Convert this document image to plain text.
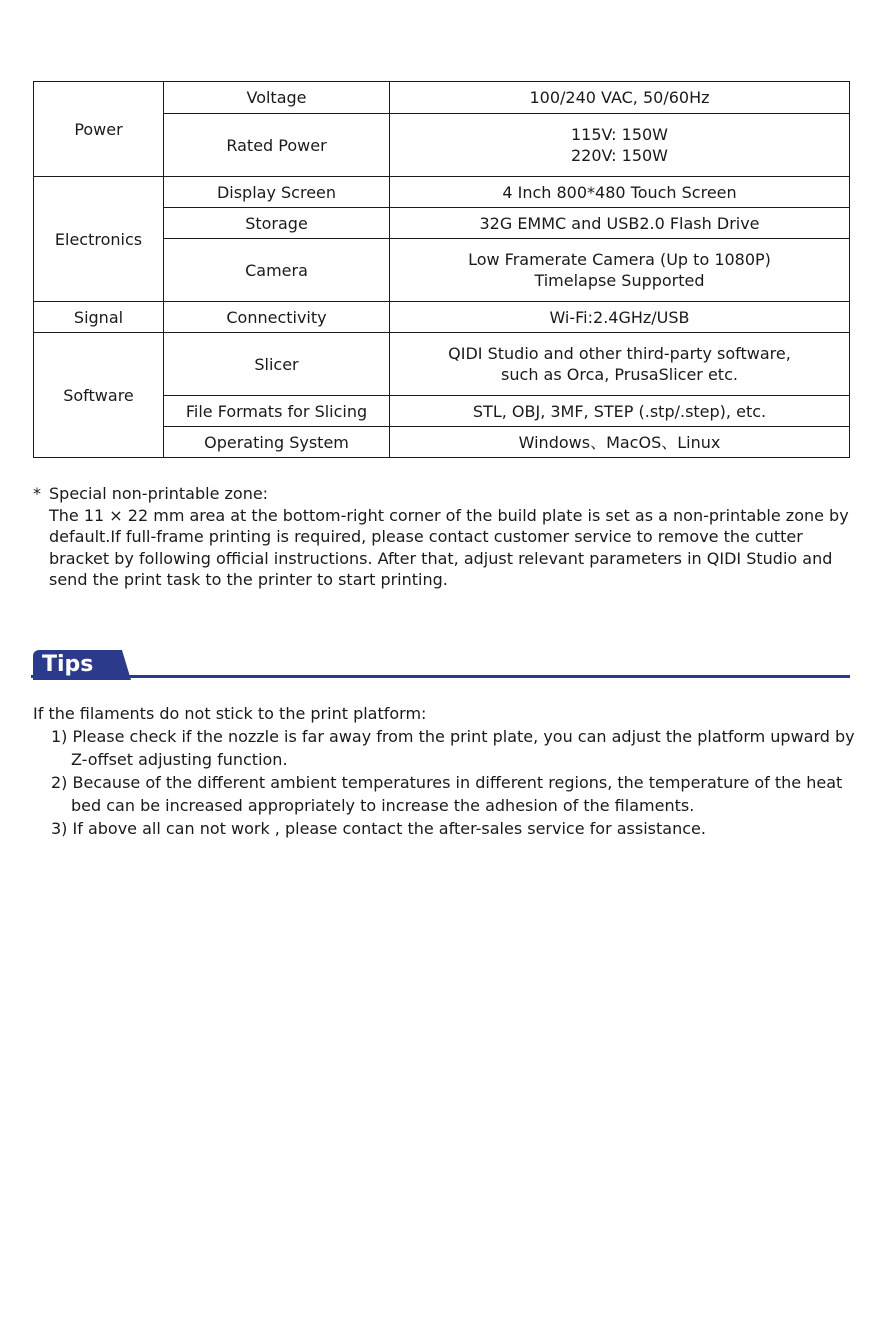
Power	Voltage	100/240 VAC, 50/60Hz
	Rated Power	115V: 150W
220V: 150W

Electronics	Display Screen	4 Inch 800*480 Touch Screen
	Storage	32G EMMC and USB2.0 Flash Drive
	Camera	Low Framerate Camera (Up to 1080P)
Timelapse Supported

Signal	Connectivity	Wi-Fi:2.4GHz/USB
Software	Slicer	QIDI Studio and other third-party software,
such as Orca, PrusaSlicer etc.

	File Formats for Slicing	STL, OBJ, 3MF, STEP (.stp/.step), etc.
	Operating System	Windows、MacOS、Linux
* Special non-printable zone:
The 11 × 22 mm area at the bottom-right corner of the build plate is set as a non-printable zone by default.If full-frame printing is required, please contact customer service to remove the cutter bracket by following official instructions. After that, adjust relevant parameters in QIDI Studio and send the print task to the printer to start printing.
Tips
If the filaments do not stick to the print platform:
1) Please check if the nozzle is far away from the print plate, you can adjust the platform upward by Z-offset adjusting function.
2) Because of the different ambient temperatures in different regions, the temperature of the heat bed can be increased appropriately to increase the adhesion of the filaments.
3) If above all can not work , please contact the after-sales service for assistance.
